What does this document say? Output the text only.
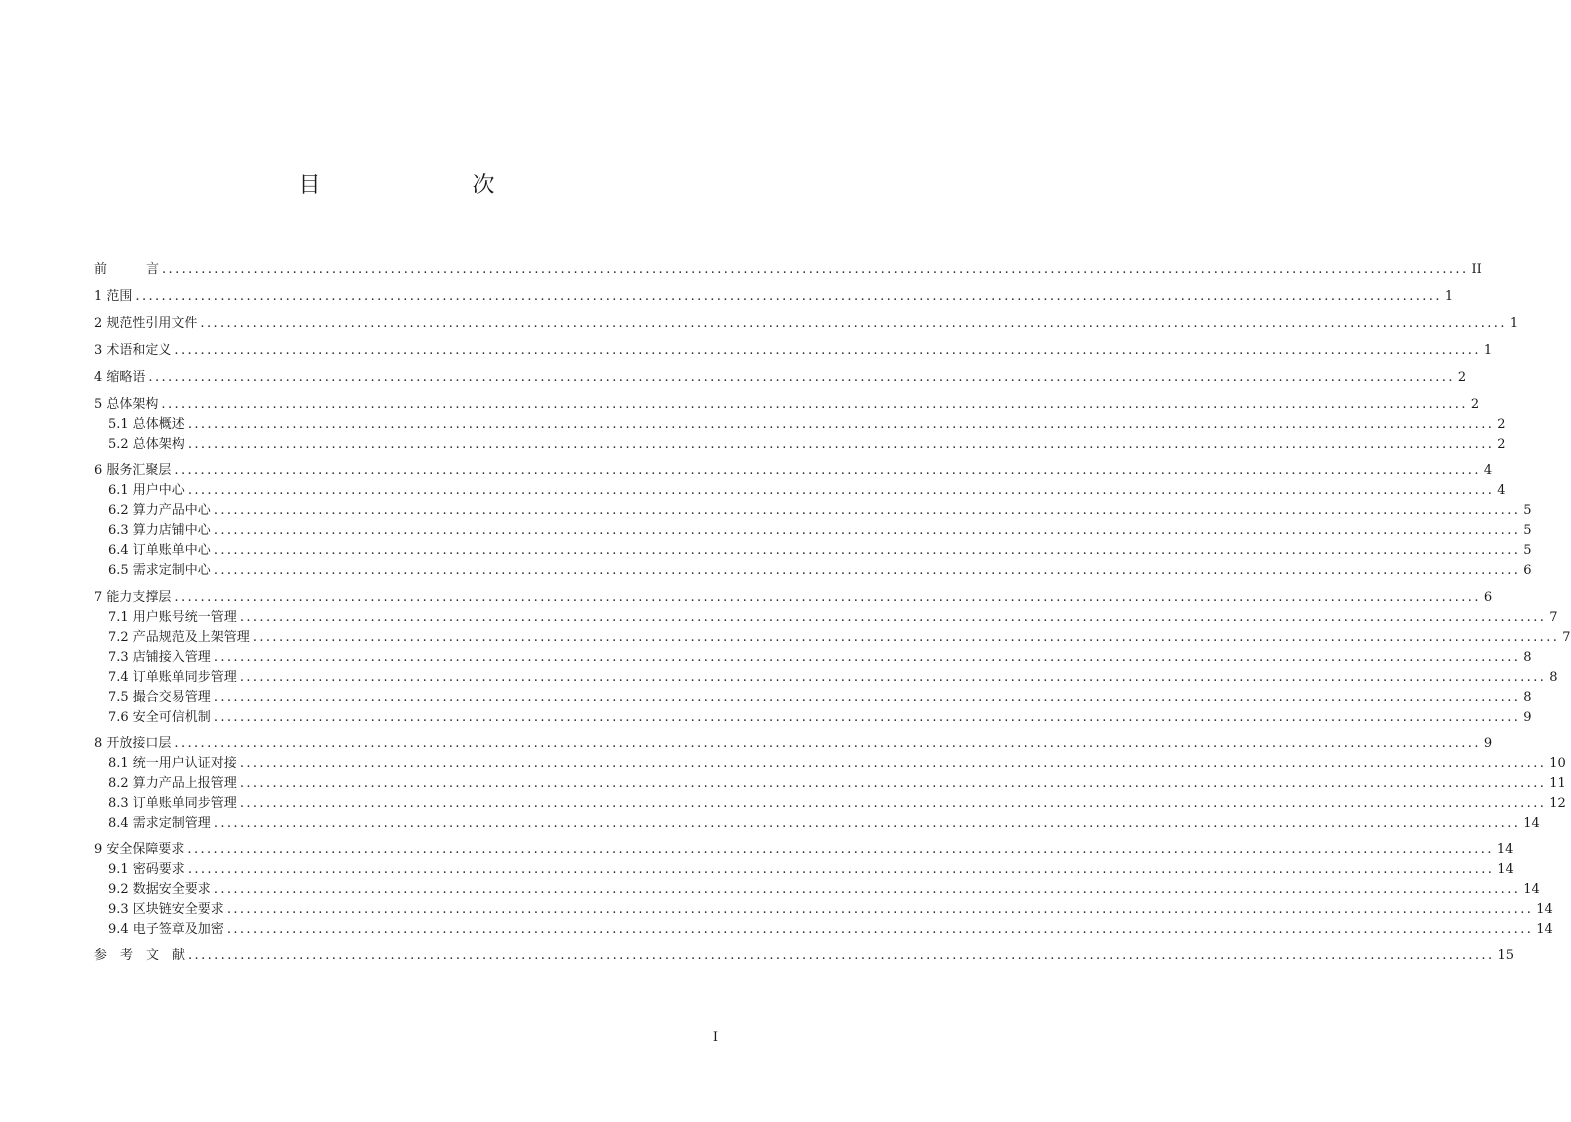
目　　次
前　　　言 ........................................................................................................................................................................................................ II
1 范围 ........................................................................................................................................................................................................ 1
2 规范性引用文件 ........................................................................................................................................................................................................ 1
3 术语和定义 ........................................................................................................................................................................................................ 1
4 缩略语 ........................................................................................................................................................................................................ 2
5 总体架构 ........................................................................................................................................................................................................ 2
5.1 总体概述 ........................................................................................................................................................................................................ 2
5.2 总体架构 ........................................................................................................................................................................................................ 2
6 服务汇聚层 ........................................................................................................................................................................................................ 4
6.1 用户中心 ........................................................................................................................................................................................................ 4
6.2 算力产品中心 ........................................................................................................................................................................................................ 5
6.3 算力店铺中心 ........................................................................................................................................................................................................ 5
6.4 订单账单中心 ........................................................................................................................................................................................................ 5
6.5 需求定制中心 ........................................................................................................................................................................................................ 6
7 能力支撑层 ........................................................................................................................................................................................................ 6
7.1 用户账号统一管理 ........................................................................................................................................................................................................ 7
7.2 产品规范及上架管理 ........................................................................................................................................................................................................ 7
7.3 店铺接入管理 ........................................................................................................................................................................................................ 8
7.4 订单账单同步管理 ........................................................................................................................................................................................................ 8
7.5 撮合交易管理 ........................................................................................................................................................................................................ 8
7.6 安全可信机制 ........................................................................................................................................................................................................ 9
8 开放接口层 ........................................................................................................................................................................................................ 9
8.1 统一用户认证对接 ........................................................................................................................................................................................................ 10
8.2 算力产品上报管理 ........................................................................................................................................................................................................ 11
8.3 订单账单同步管理 ........................................................................................................................................................................................................ 12
8.4 需求定制管理 ........................................................................................................................................................................................................ 14
9 安全保障要求 ........................................................................................................................................................................................................ 14
9.1 密码要求 ........................................................................................................................................................................................................ 14
9.2 数据安全要求 ........................................................................................................................................................................................................ 14
9.3 区块链安全要求 ........................................................................................................................................................................................................ 14
9.4 电子签章及加密 ........................................................................................................................................................................................................ 14
参　考　文　献 ........................................................................................................................................................................................................ 15
I
